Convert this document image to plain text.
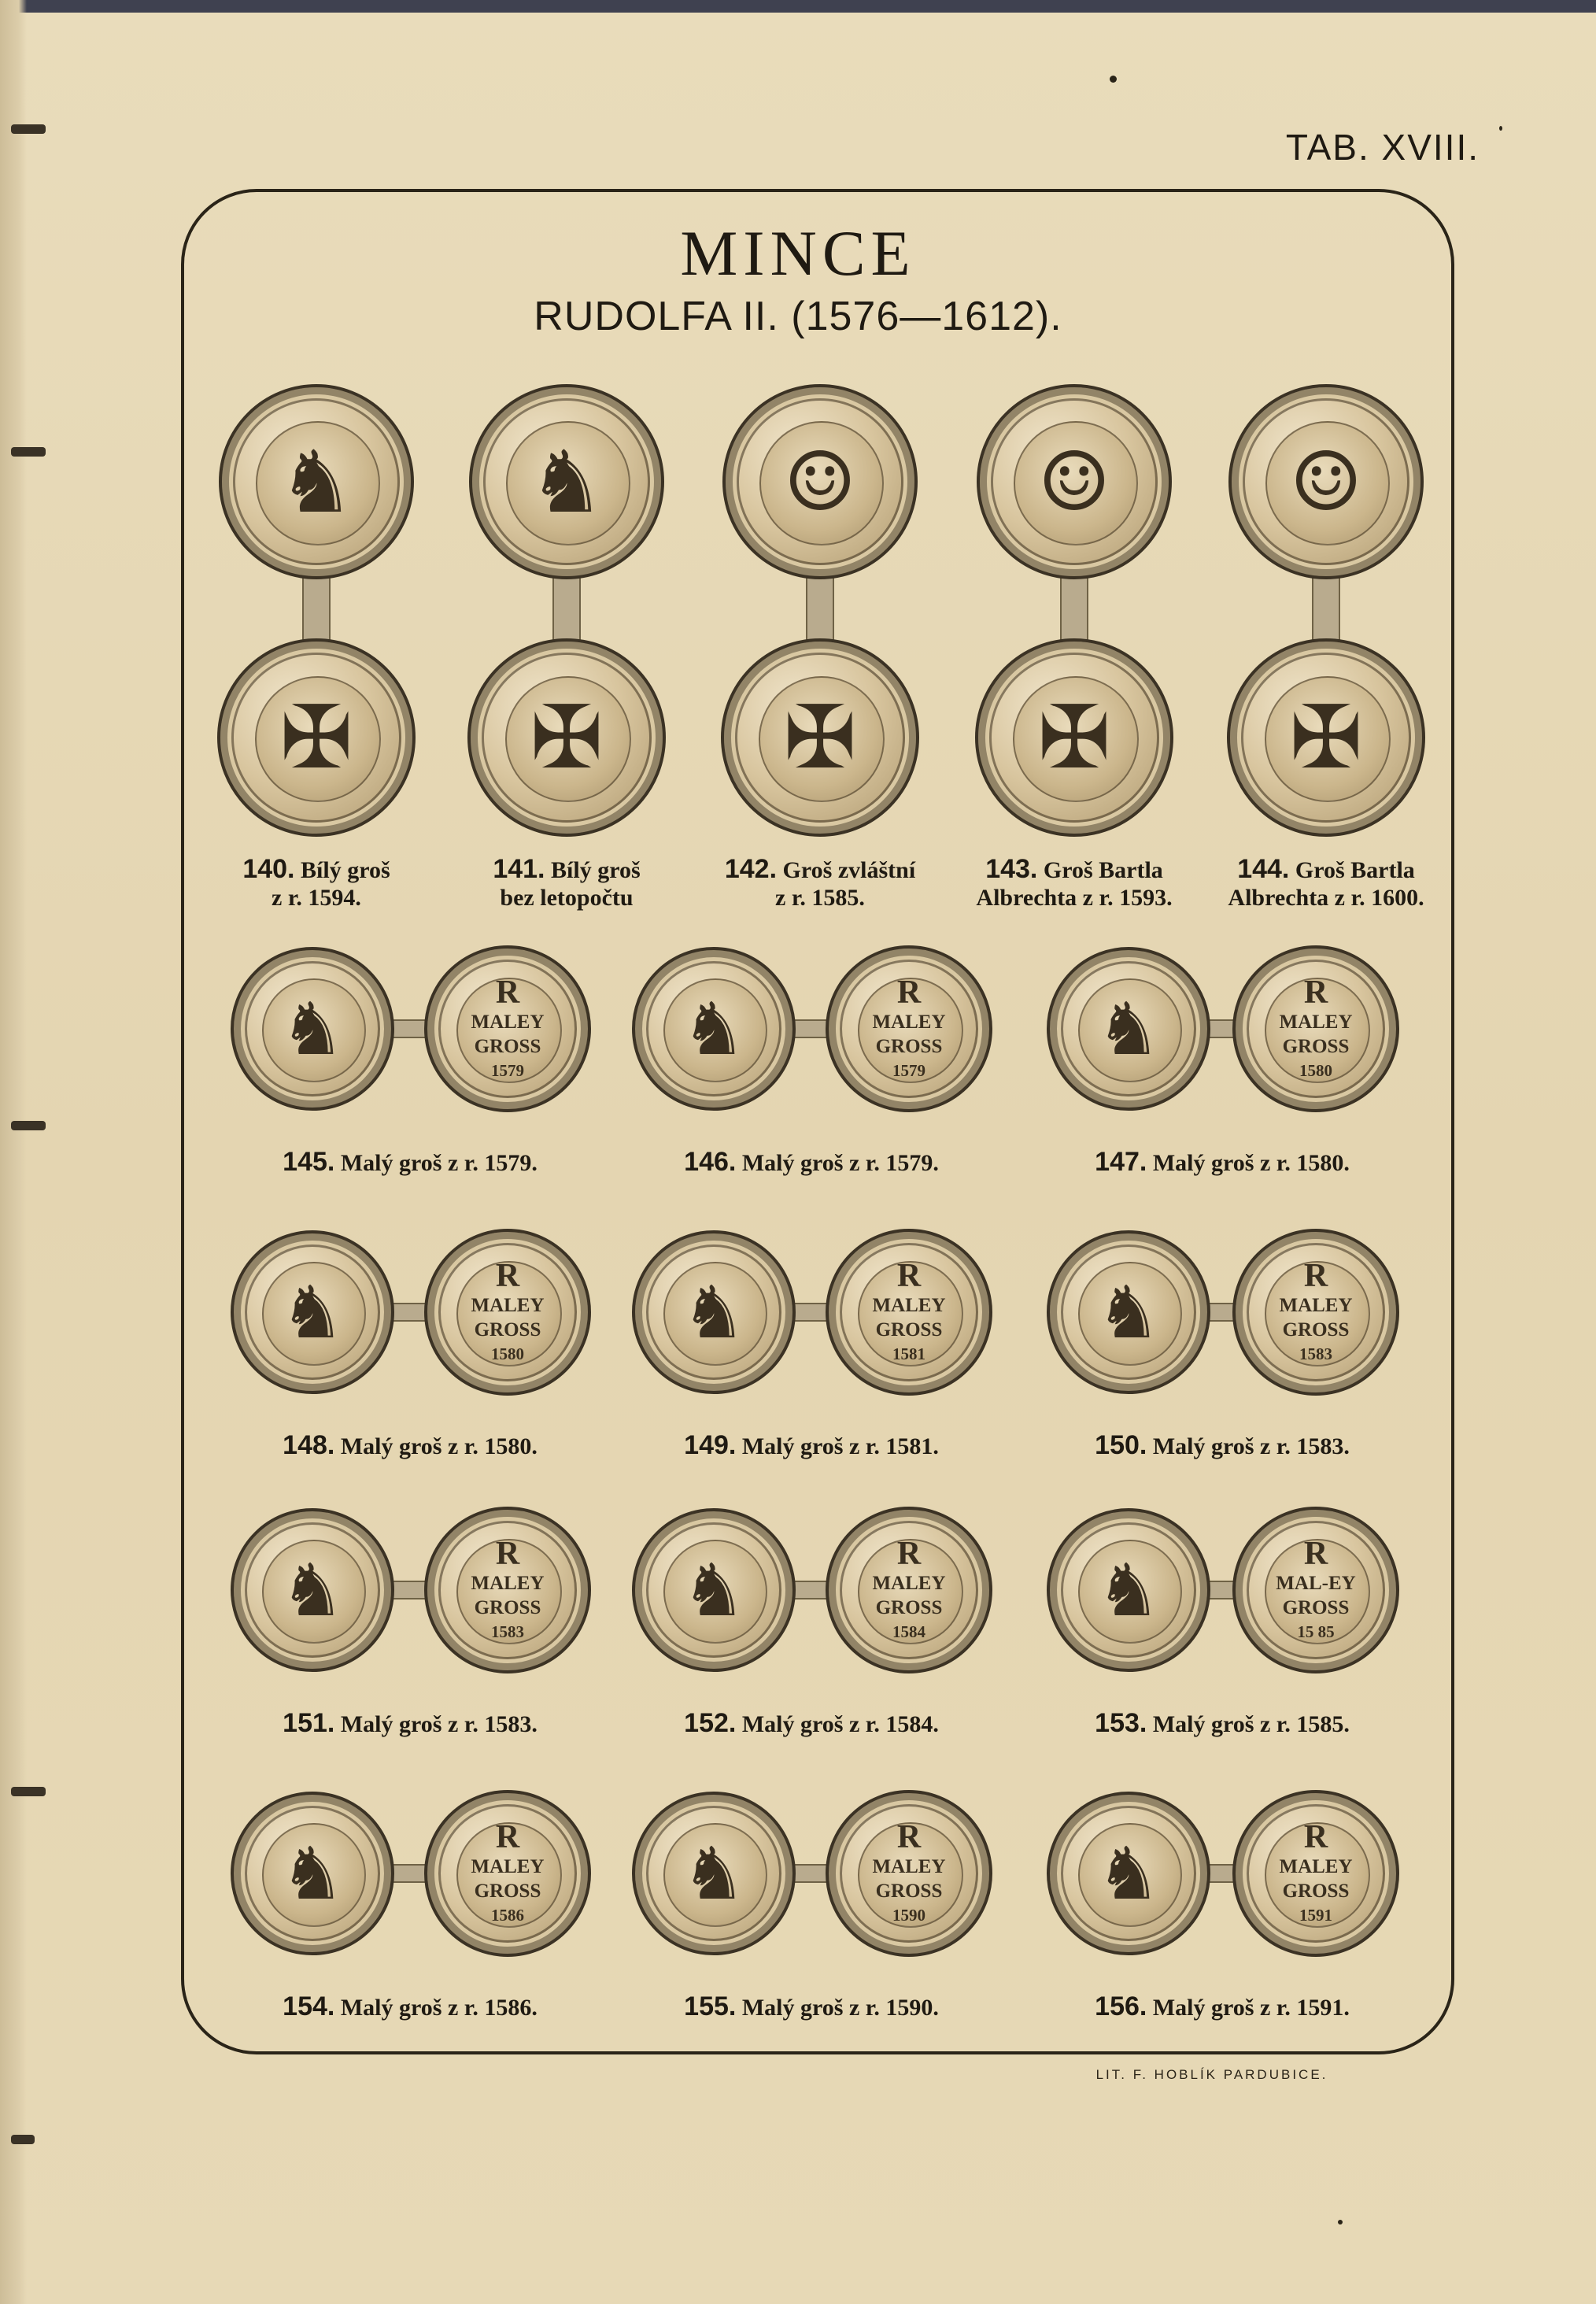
TAB. XVIII.
MINCE
RUDOLFA II. (1576—1612).
LIT. F. HOBLÍK PARDUBICE.
♞
✠
140. Bílý groš
z r. 1594.
♞
✠
141. Bílý groš
bez letopočtu
☺
✠
142. Groš zvláštní
z r. 1585.
☺
✠
143. Groš Bartla
Albrechta z r. 1593.
☺
✠
144. Groš Bartla
Albrechta z r. 1600.
♞	R
MALEY
GROSS
1579
145. Malý groš z r. 1579.
♞	R
MALEY
GROSS
1579
146. Malý groš z r. 1579.
♞	R
MALEY
GROSS
1580
147. Malý groš z r. 1580.
♞	R
MALEY
GROSS
1580
148. Malý groš z r. 1580.
♞	R
MALEY
GROSS
1581
149. Malý groš z r. 1581.
♞	R
MALEY
GROSS
1583
150. Malý groš z r. 1583.
♞	R
MALEY
GROSS
1583
151. Malý groš z r. 1583.
♞	R
MALEY
GROSS
1584
152. Malý groš z r. 1584.
♞	R
MAL-EY
GROSS
15 85
153. Malý groš z r. 1585.
♞	R
MALEY
GROSS
1586
154. Malý groš z r. 1586.
♞	R
MALEY
GROSS
1590
155. Malý groš z r. 1590.
♞	R
MALEY
GROSS
1591
156. Malý groš z r. 1591.
